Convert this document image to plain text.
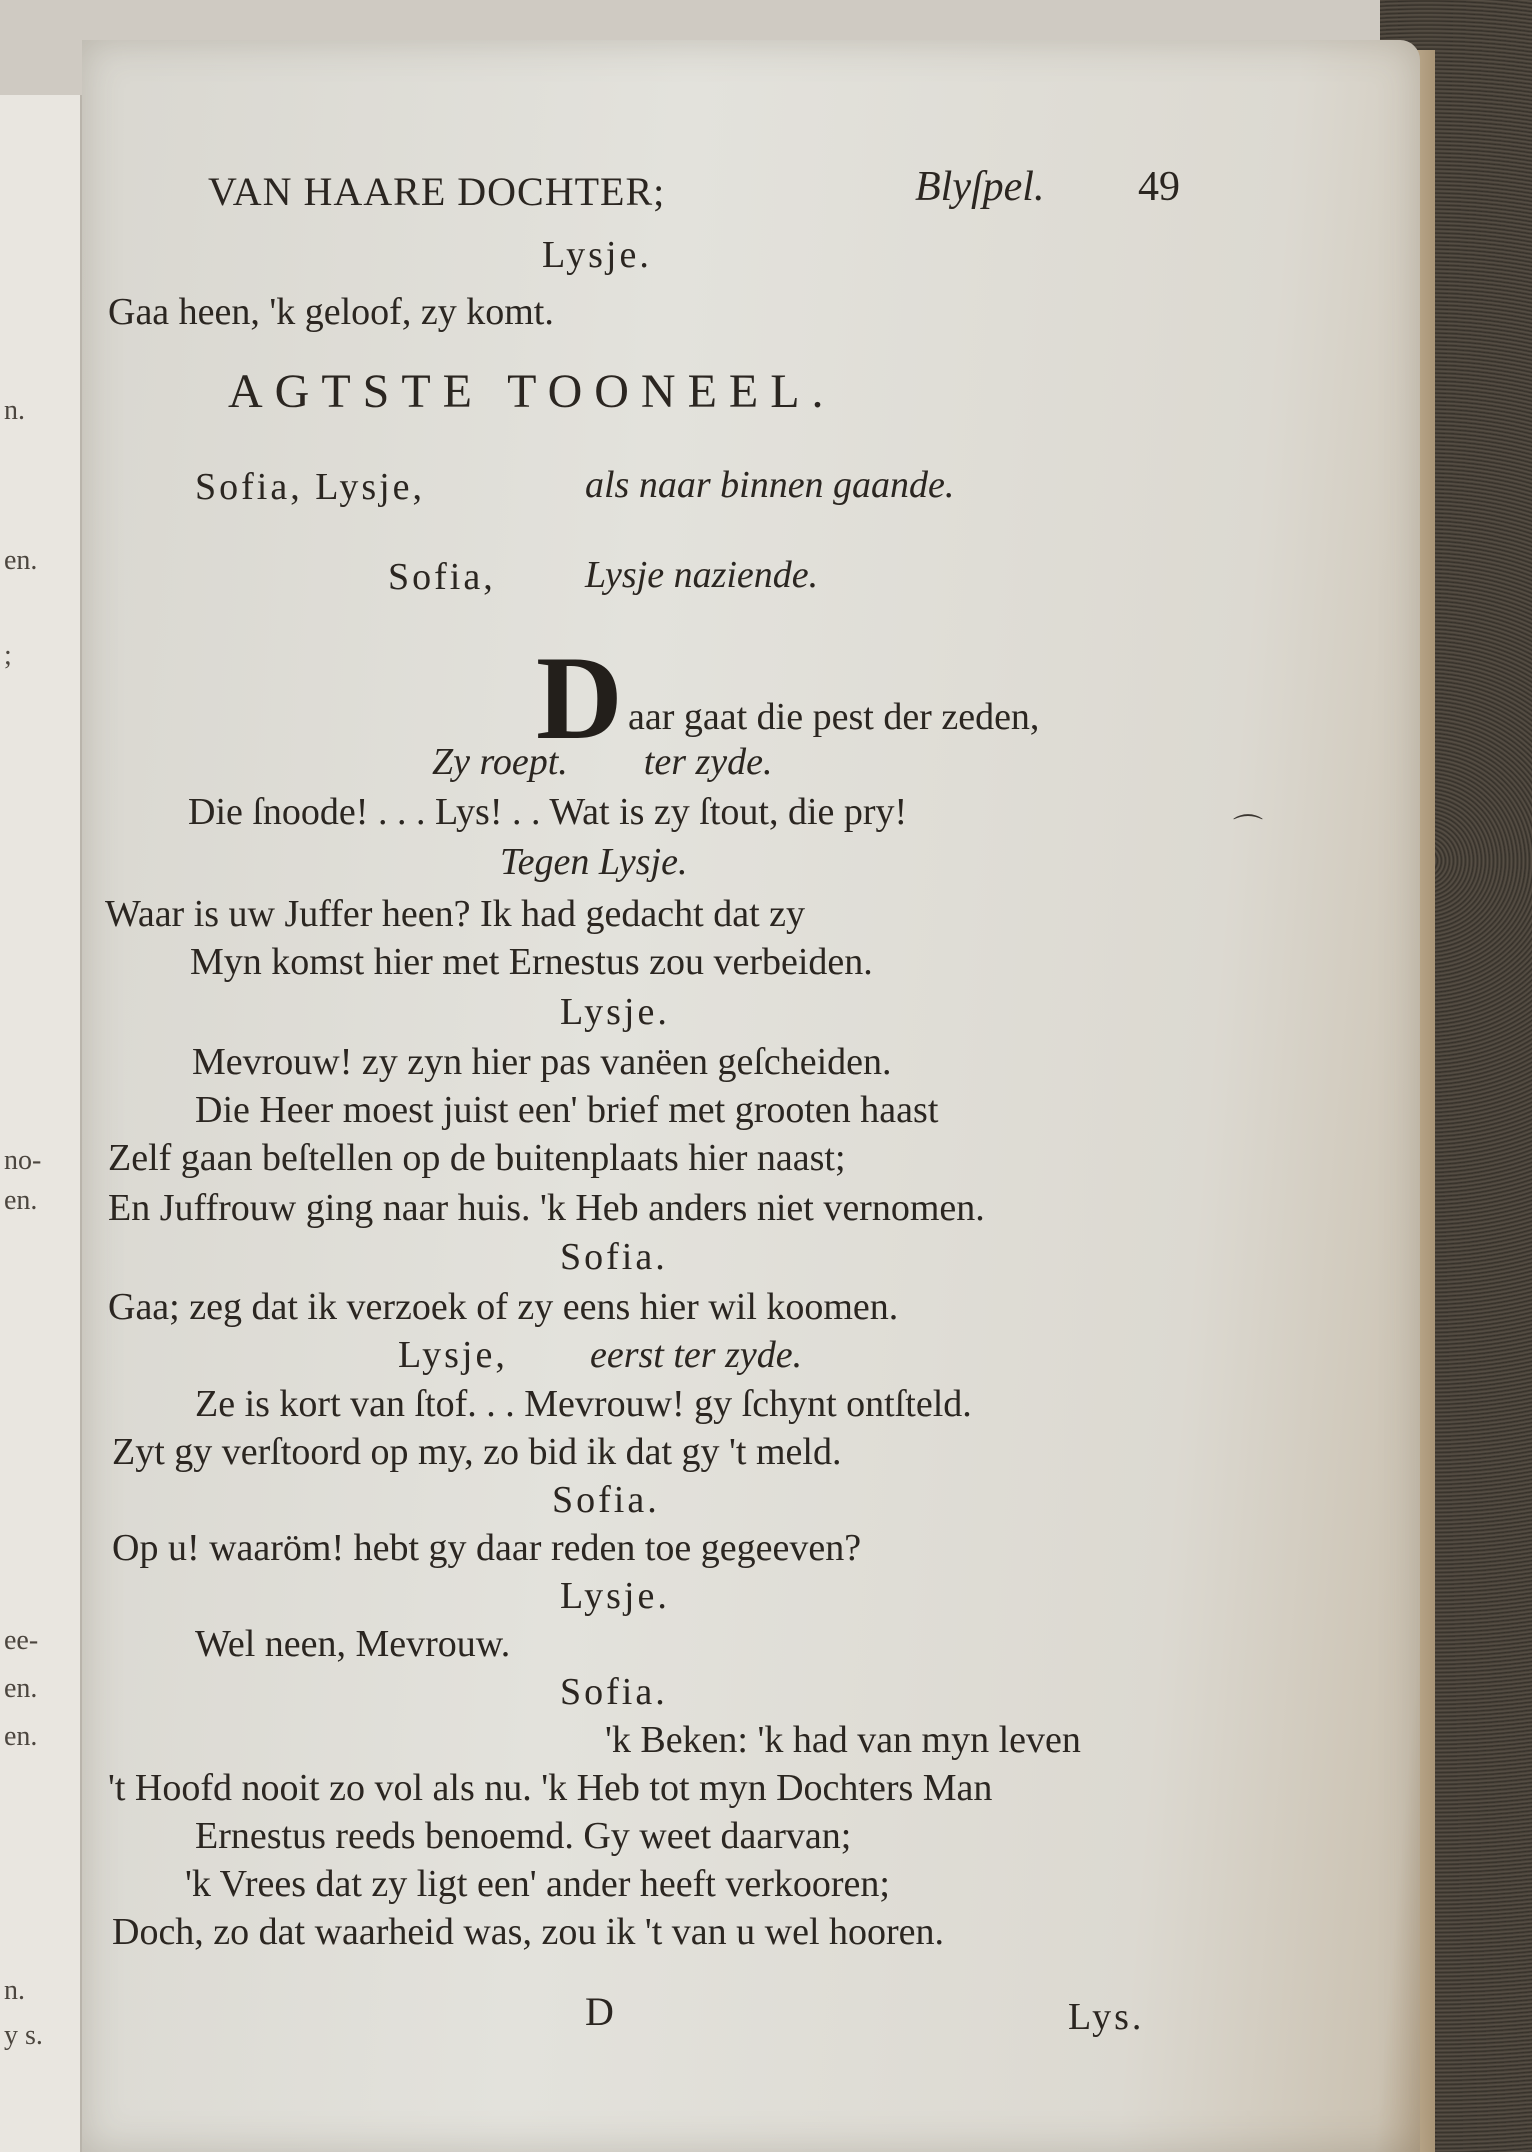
n.
en.
;
no-
en.
ee-
en.
en.
n.
y s.
VAN HAARE DOCHTER;	Blyſpel. 49
Lysje.
Gaa heen, 'k geloof, zy komt.
AGTSTE TOONEEL.
Sofia, Lysje,	als naar binnen gaande.
Sofia, Lysje naziende.
D aar gaat die pest der zeden,
Zy roept.        ter zyde.
Die ſnoode! . . . Lys! . . Wat is zy ſtout, die pry!	⌒
Tegen Lysje.
Waar is uw Juffer heen? Ik had gedacht dat zy
Myn komst hier met Ernestus zou verbeiden.
Lysje.
Mevrouw! zy zyn hier pas vanëen geſcheiden.
Die Heer moest juist een' brief met grooten haast
Zelf gaan beſtellen op de buitenplaats hier naast;
En Juffrouw ging naar huis. 'k Heb anders niet vernomen.
Sofia.
Gaa; zeg dat ik verzoek of zy eens hier wil koomen.
Lysje, eerst ter zyde.
Ze is kort van ſtof. . . Mevrouw! gy ſchynt ontſteld.
Zyt gy verſtoord op my, zo bid ik dat gy 't meld.
Sofia.
Op u! waaröm! hebt gy daar reden toe gegeeven?
Lysje.
Wel neen, Mevrouw.
Sofia.
'k Beken: 'k had van myn leven
't Hoofd nooit zo vol als nu. 'k Heb tot myn Dochters Man
Ernestus reeds benoemd. Gy weet daarvan;
'k Vrees dat zy ligt een' ander heeft verkooren;
Doch, zo dat waarheid was, zou ik 't van u wel hooren.
D	Lys.
